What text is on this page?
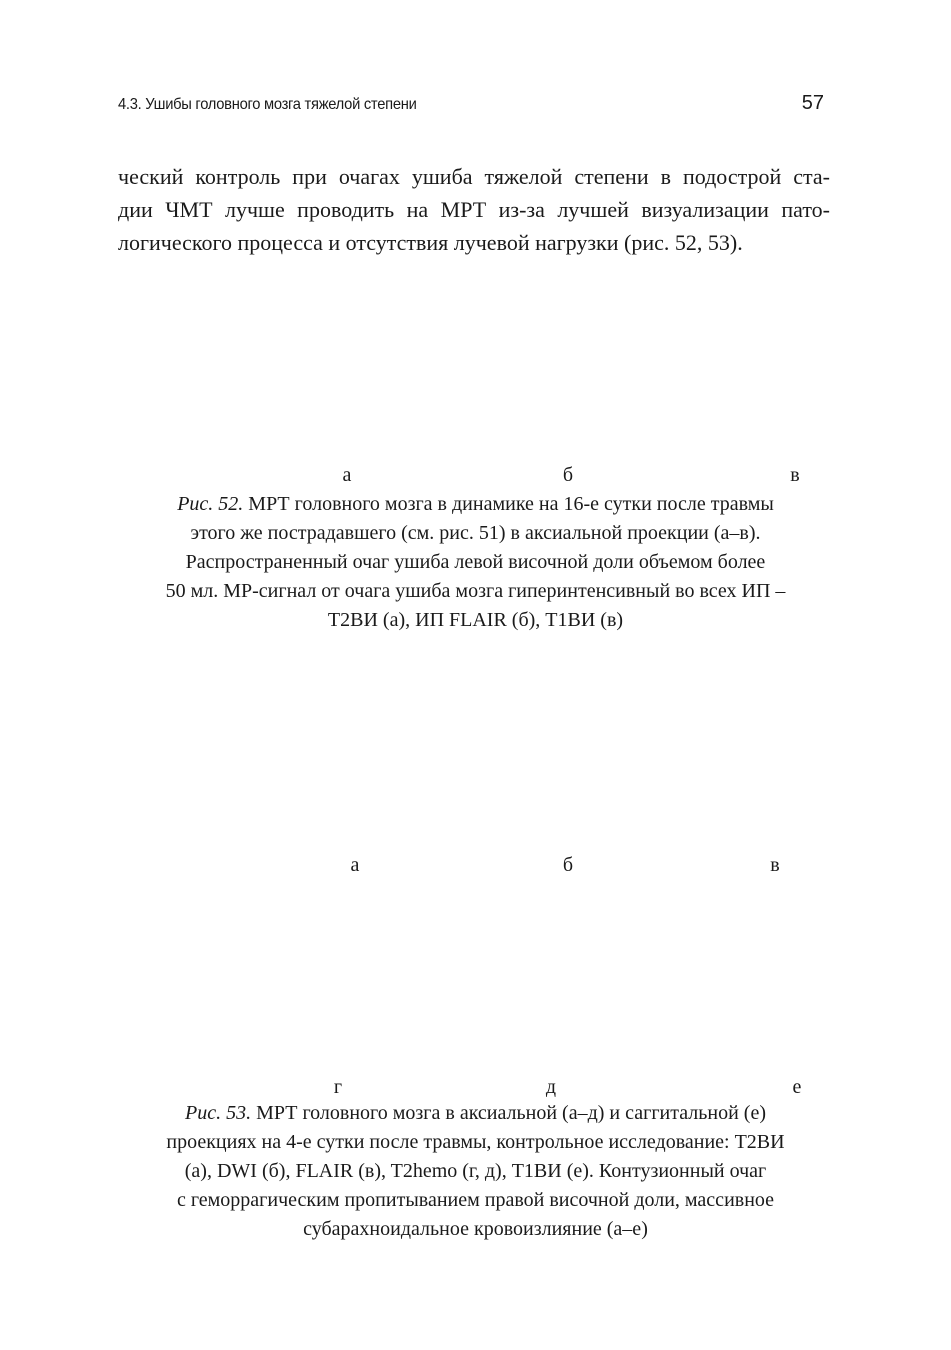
4.3. Ушибы головного мозга тяжелой степени	57
ческий контроль при очагах ушиба тяжелой степени в подострой ста-
дии ЧМТ лучше проводить на МРТ из-за лучшей визуализации пато-
логического процесса и отсутствия лучевой нагрузки (рис. 52, 53).
а	б	в
Рис. 52. МРТ головного мозга в динамике на 16-е сутки после травмы
этого же пострадавшего (см. рис. 51) в аксиальной проекции (а–в).
Распространенный очаг ушиба левой височной доли объемом более
50 мл. МР-сигнал от очага ушиба мозга гиперинтенсивный во всех ИП –
Т2ВИ (а), ИП FLAIR (б), Т1ВИ (в)
а	б	в
г	д	е
Рис. 53. МРТ головного мозга в аксиальной (а–д) и саггитальной (е)
проекциях на 4-е сутки после травмы, контрольное исследование: Т2ВИ
(а), DWI (б), FLAIR (в), T2hemo (г, д), Т1ВИ (е). Контузионный очаг
с геморрагическим пропитыванием правой височной доли, массивное
субарахноидальное кровоизлияние (а–е)
